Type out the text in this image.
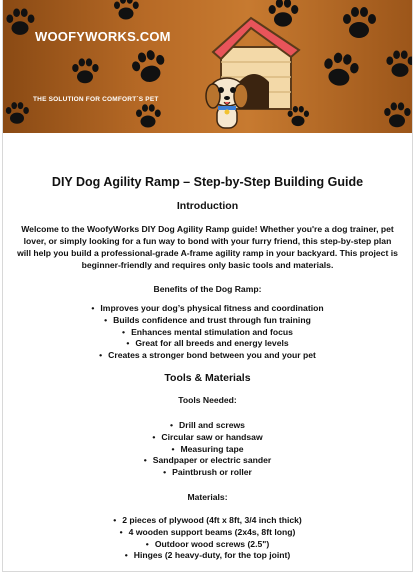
WOOFYWORKS.COM
THE SOLUTION FOR COMFORT´S PET
DIY Dog Agility Ramp – Step-by-Step Building Guide
Introduction

Welcome to the WoofyWorks DIY Dog Agility Ramp guide! Whether you're a dog trainer, pet lover, or simply looking for a fun way to bond with your furry friend, this step-by-step plan will help you build a professional-grade A-frame agility ramp in your backyard. This project is beginner-friendly and requires only basic tools and materials.

Benefits of the Dog Ramp:
• Improves your dog’s physical fitness and coordination
• Builds confidence and trust through fun training
• Enhances mental stimulation and focus
• Great for all breeds and energy levels
• Creates a stronger bond between you and your pet
Tools & Materials
Tools Needed:
• Drill and screws
• Circular saw or handsaw
• Measuring tape
• Sandpaper or electric sander
• Paintbrush or roller
Materials:
• 2 pieces of plywood (4ft x 8ft, 3/4 inch thick)
• 4 wooden support beams (2x4s, 8ft long)
• Outdoor wood screws (2.5")
• Hinges (2 heavy-duty, for the top joint)
